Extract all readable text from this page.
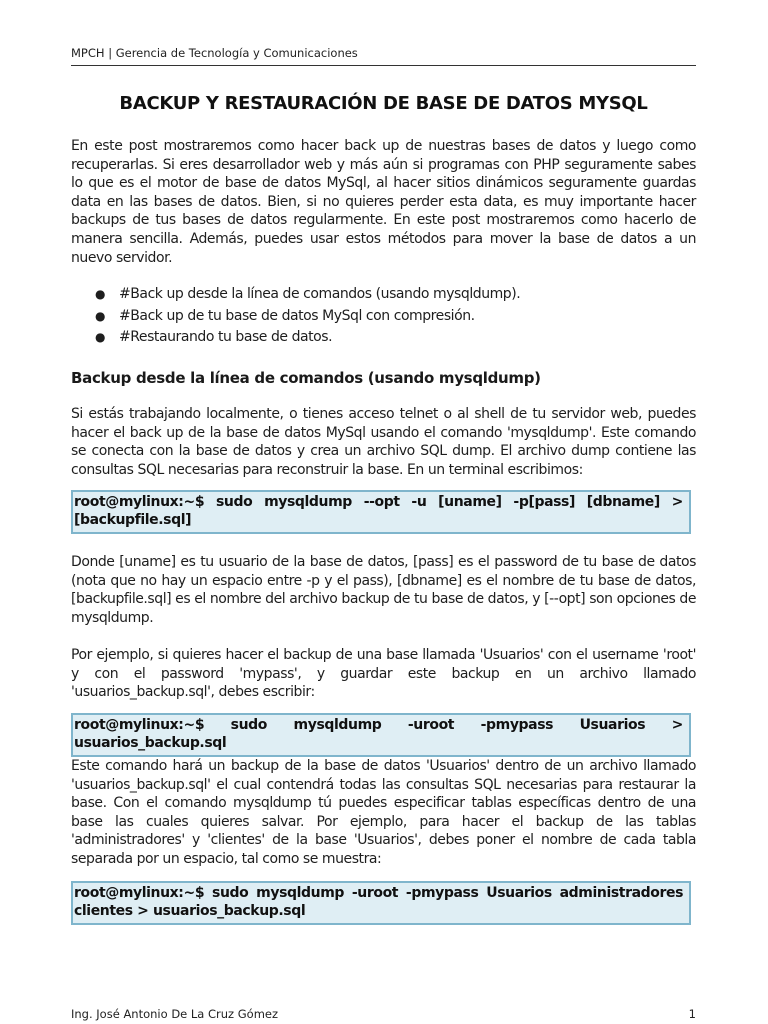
MPCH | Gerencia de Tecnología y Comunicaciones
BACKUP Y RESTAURACIÓN DE BASE DE DATOS MYSQL

En este post mostraremos como hacer back up de nuestras bases de datos y luego como recuperarlas. Si eres desarrollador web y más aún si programas con PHP seguramente sabes lo que es el motor de base de datos MySql, al hacer sitios dinámicos seguramente guardas data en las bases de datos. Bien, si no quieres perder esta data, es muy importante hacer backups de tus bases de datos regularmente. En este post mostraremos como hacerlo de manera sencilla. Además, puedes usar estos métodos para mover la base de datos a un nuevo servidor.

● #Back up desde la línea de comandos (usando mysqldump).
● #Back up de tu base de datos MySql con compresión.
● #Restaurando tu base de datos.
Backup desde la línea de comandos (usando mysqldump)

Si estás trabajando localmente, o tienes acceso telnet o al shell de tu servidor web, puedes hacer el back up de la base de datos MySql usando el comando 'mysqldump'. Este comando se conecta con la base de datos y crea un archivo SQL dump. El archivo dump contiene las consultas SQL necesarias para reconstruir la base. En un terminal escribimos:

root@mylinux:~$ sudo mysqldump --opt -u [uname] -p[pass] [dbname] > [backupfile.sql]

Donde [uname] es tu usuario de la base de datos, [pass] es el password de tu base de datos (nota que no hay un espacio entre -p y el pass), [dbname] es el nombre de tu base de datos, [backupfile.sql] es el nombre del archivo backup de tu base de datos, y [--opt] son opciones de mysqldump.

Por ejemplo, si quieres hacer el backup de una base llamada 'Usuarios' con el username 'root' y con el password 'mypass', y guardar este backup en un archivo llamado 'usuarios_backup.sql', debes escribir:

root@mylinux:~$ sudo mysqldump -uroot -pmypass Usuarios > usuarios_backup.sql

Este comando hará un backup de la base de datos 'Usuarios' dentro de un archivo llamado 'usuarios_backup.sql' el cual contendrá todas las consultas SQL necesarias para restaurar la base. Con el comando mysqldump tú puedes especificar tablas específicas dentro de una base las cuales quieres salvar. Por ejemplo, para hacer el backup de las tablas 'administradores' y 'clientes' de la base 'Usuarios', debes poner el nombre de cada tabla separada por un espacio, tal como se muestra:

root@mylinux:~$ sudo mysqldump -uroot -pmypass Usuarios administradores clientes > usuarios_backup.sql
Ing. José Antonio De La Cruz Gómez	1
